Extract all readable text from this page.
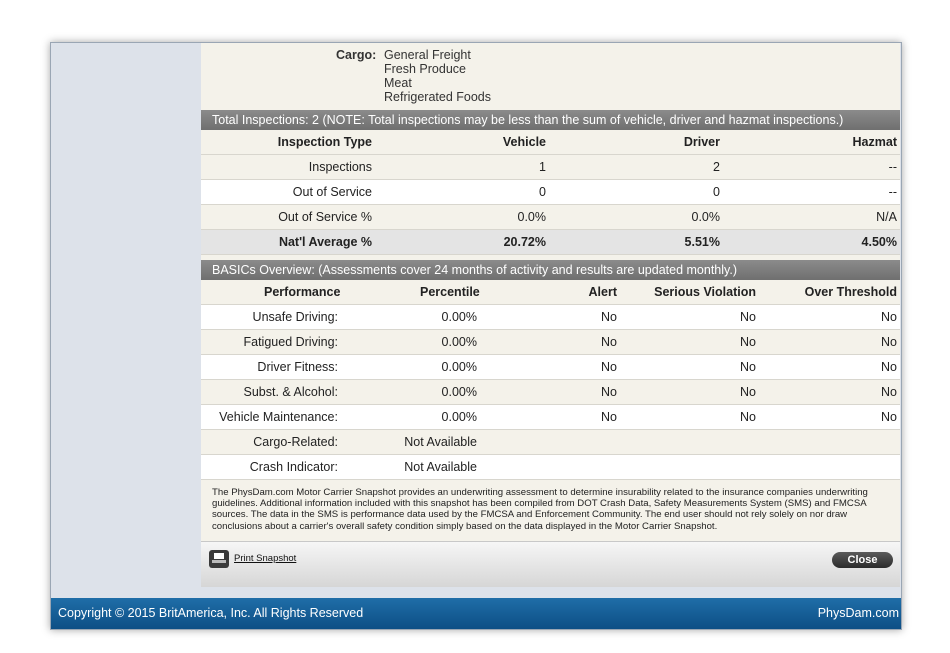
Cargo: General Freight
Fresh Produce
Meat
Refrigerated Foods
Total Inspections: 2 (NOTE: Total inspections may be less than the sum of vehicle, driver and hazmat inspections.)
Inspection Type	Vehicle	Driver	Hazmat
Inspections	1	2	--
Out of Service	0	0	--
Out of Service %	0.0%	0.0%	N/A
Nat'l Average %	20.72%	5.51%	4.50%
BASICs Overview: (Assessments cover 24 months of activity and results are updated monthly.)
Performance	Percentile	Alert	Serious Violation	Over Threshold
Unsafe Driving:	0.00%	No	No	No
Fatigued Driving:	0.00%	No	No	No
Driver Fitness:	0.00%	No	No	No
Subst. & Alcohol:	0.00%	No	No	No
Vehicle Maintenance:	0.00%	No	No	No
Cargo-Related:	Not Available
Crash Indicator:	Not Available
The PhysDam.com Motor Carrier Snapshot provides an underwriting assessment to determine insurability related to the insurance companies underwriting guidelines. Additional information included with this snapshot has been compiled from DOT Crash Data, Safety Measurements System (SMS) and FMCSA sources. The data in the SMS is performance data used by the FMCSA and Enforcement Community. The end user should not rely solely on nor draw conclusions about a carrier's overall safety condition simply based on the data displayed in the Motor Carrier Snapshot.
Print Snapshot	Close
Copyright © 2015 BritAmerica, Inc. All Rights Reserved	PhysDam.com
